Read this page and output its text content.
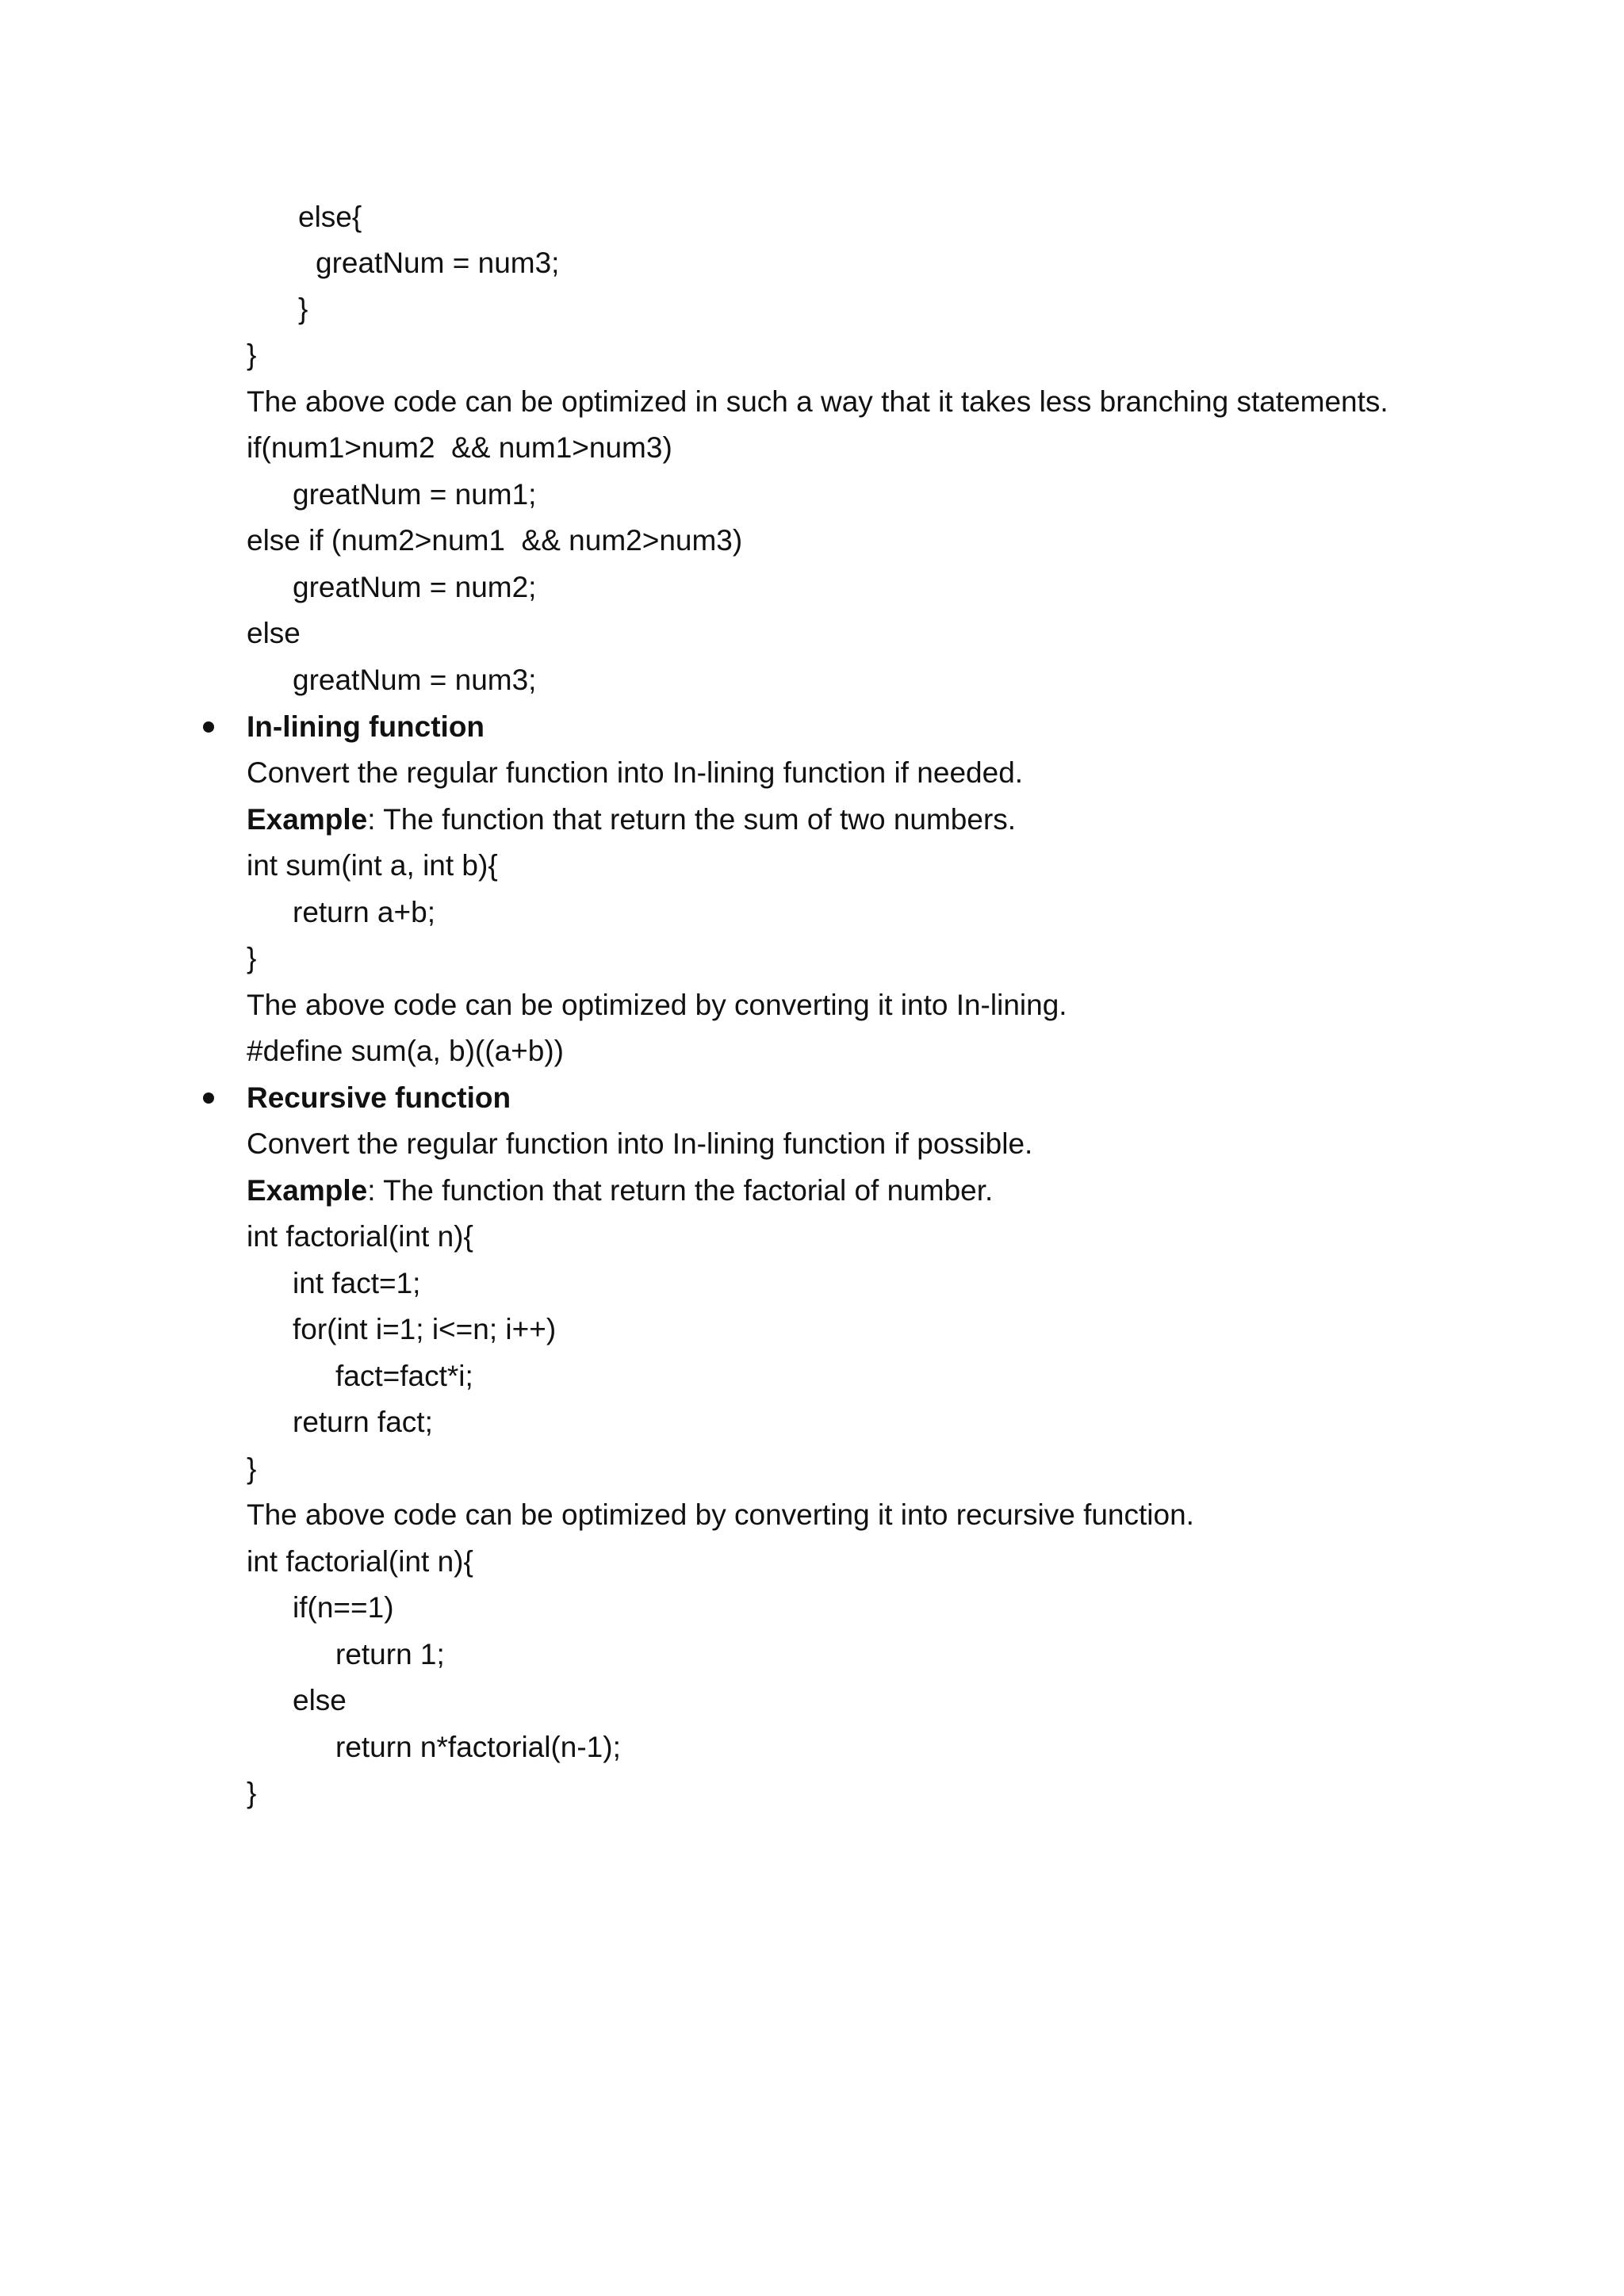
else{
greatNum = num3;
}
}
The above code can be optimized in such a way that it takes less branching statements.
if(num1>num2  && num1>num3)
greatNum = num1;
else if (num2>num1  && num2>num3)
greatNum = num2;
else
greatNum = num3;
In-lining function
Convert the regular function into In-lining function if needed.
Example: The function that return the sum of two numbers.
int sum(int a, int b){
return a+b;
}
The above code can be optimized by converting it into In-lining.
#define sum(a, b)((a+b))
Recursive function
Convert the regular function into In-lining function if possible.
Example: The function that return the factorial of number.
int factorial(int n){
int fact=1;
for(int i=1; i<=n; i++)
fact=fact*i;
return fact;
}
The above code can be optimized by converting it into recursive function.
int factorial(int n){
if(n==1)
return 1;
else
return n*factorial(n-1);
}
